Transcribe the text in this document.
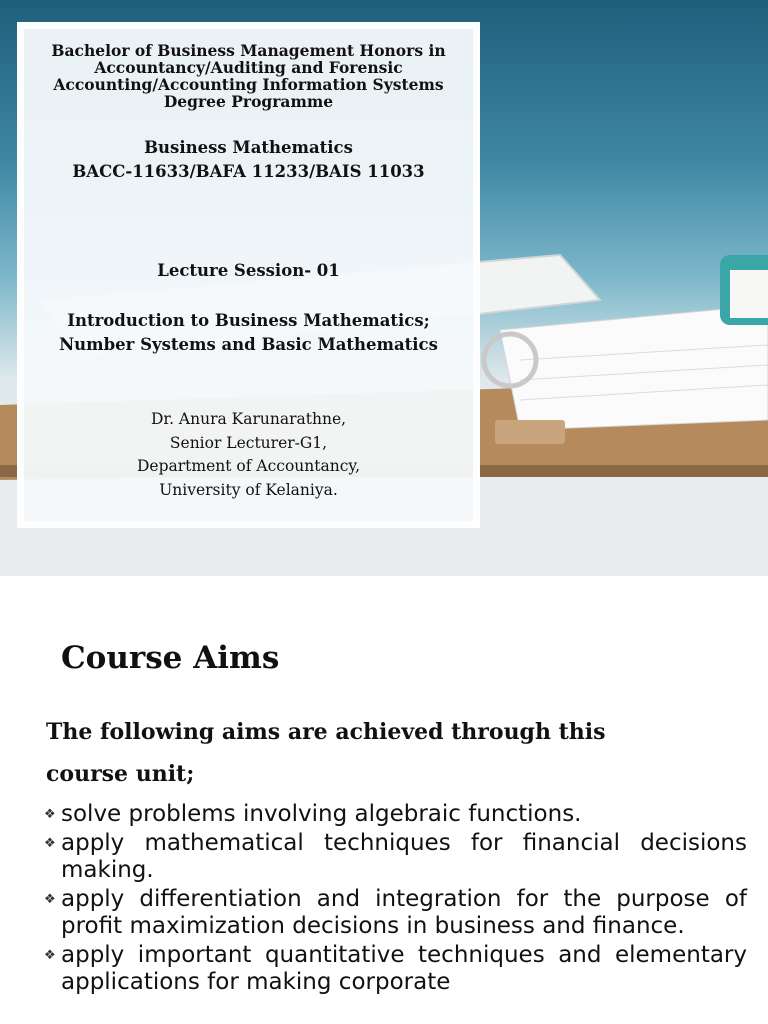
Bachelor of Business Management Honors in Accountancy/Auditing and Forensic Accounting/Accounting Information Systems Degree Programme
Business Mathematics
BACC-11633/BAFA 11233/BAIS 11033
Lecture Session- 01
Introduction to Business Mathematics;
Number Systems and Basic Mathematics
Dr. Anura Karunarathne,
Senior Lecturer-G1,
Department of Accountancy,
University of Kelaniya.
Course Aims
The following aims are achieved through this course unit;
❖ solve problems involving algebraic functions.
❖ apply mathematical techniques for financial decisions making.
❖ apply differentiation and integration for the purpose of profit maximization decisions in business and finance.
❖ apply important quantitative techniques and elementary applications for making corporate
